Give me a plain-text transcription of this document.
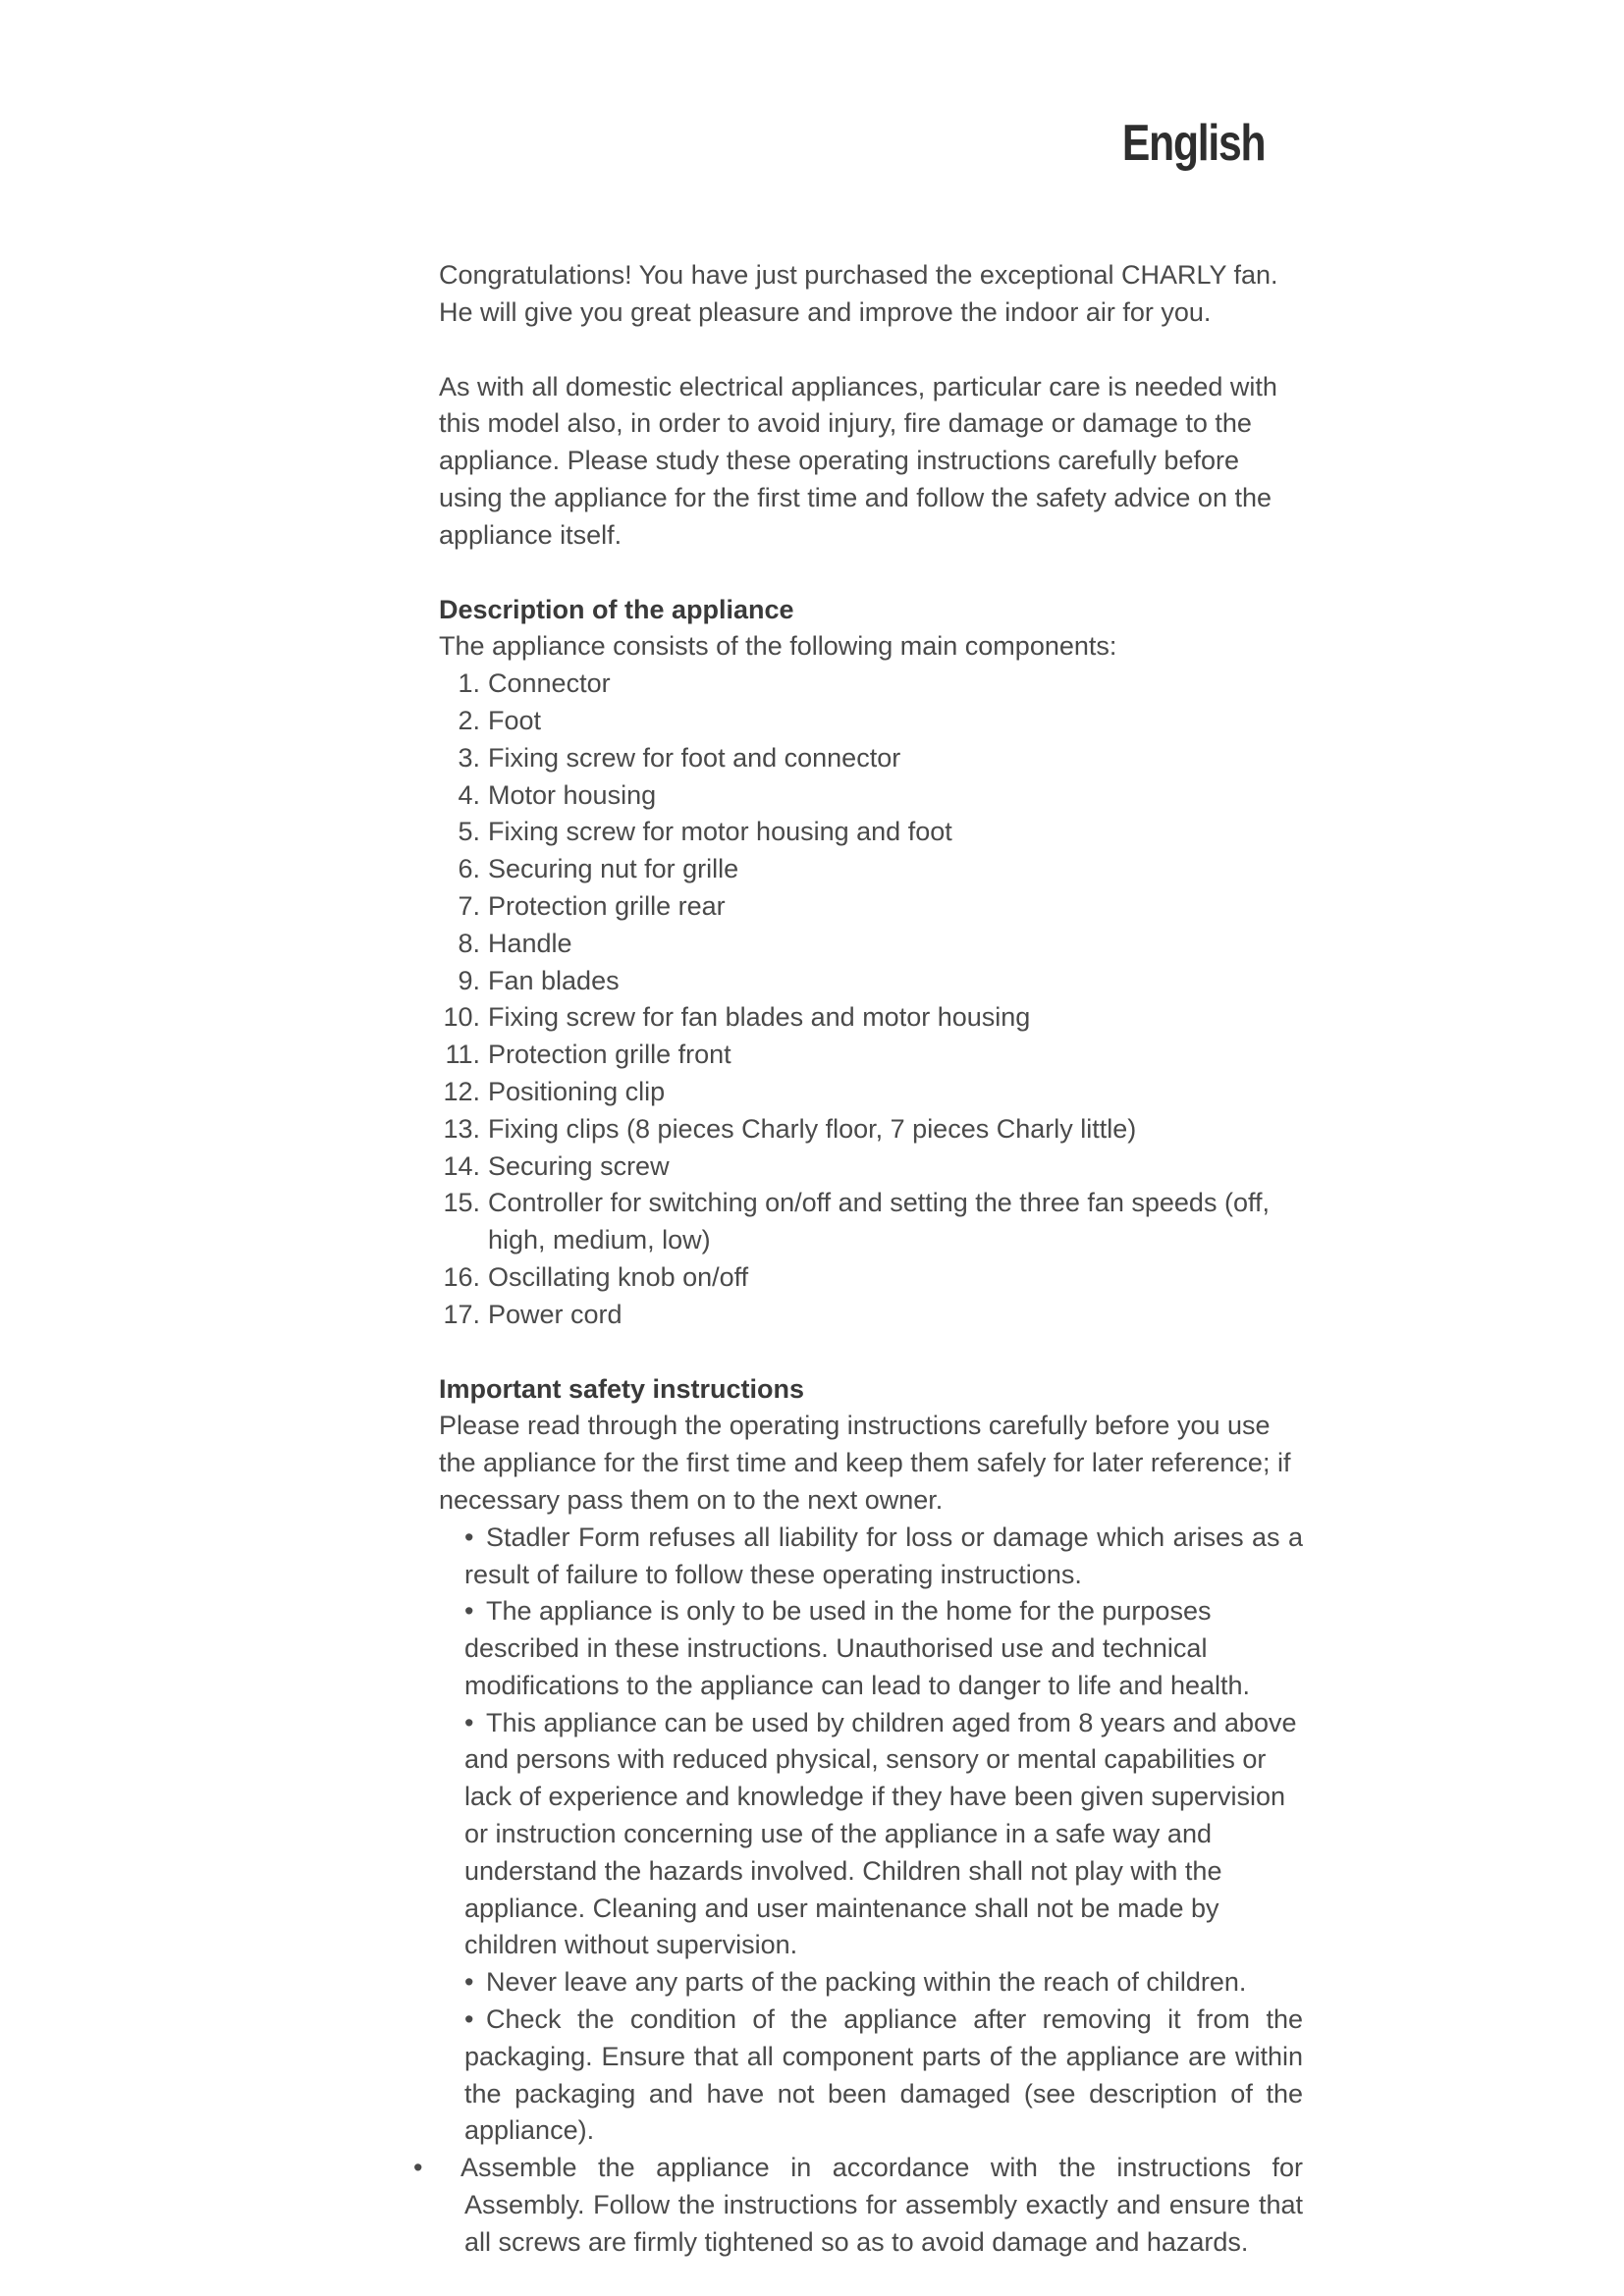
English

Congratulations! You have just purchased the exceptional CHARLY fan. He will give you great pleasure and improve the indoor air for you.

As with all domestic electrical appliances, particular care is needed with this model also, in order to avoid injury, fire damage or damage to the appliance. Please study these operating instructions carefully before using the appliance for the first time and follow the safety advice on the appliance itself.

Description of the appliance

The appliance consists of the following main components:

1. Connector
2. Foot
3. Fixing screw for foot and connector
4. Motor housing
5. Fixing screw for motor housing and foot
6. Securing nut for grille
7. Protection grille rear
8. Handle
9. Fan blades
10. Fixing screw for fan blades and motor housing
11. Protection grille front
12. Positioning clip
13. Fixing clips (8 pieces Charly floor, 7 pieces Charly little)
14. Securing screw
15. Controller for switching on/off and setting the three fan speeds (off, high, medium, low)
16. Oscillating knob on/off
17. Power cord

Important safety instructions

Please read through the operating instructions carefully before you use the appliance for the first time and keep them safely for later reference; if necessary pass them on to the next owner.

• Stadler Form refuses all liability for loss or damage which arises as a result of failure to follow these operating instructions.
• The appliance is only to be used in the home for the purposes described in these instructions. Unauthorised use and technical modifications to the appliance can lead to danger to life and health.
• This appliance can be used by children aged from 8 years and above and persons with reduced physical, sensory or mental capabilities or lack of experience and knowledge if they have been given supervision or instruction concerning use of the appliance in a safe way and understand the hazards involved. Children shall not play with the appliance. Cleaning and user maintenance shall not be made by children without supervision.
• Never leave any parts of the packing within the reach of children.
• Check the condition of the appliance after removing it from the packaging. Ensure that all component parts of the appliance are within the packaging and have not been damaged (see description of the appliance).
• Assemble the appliance in accordance with the instructions for Assembly. Follow the instructions for assembly exactly and ensure that all screws are firmly tightened so as to avoid damage and hazards.
